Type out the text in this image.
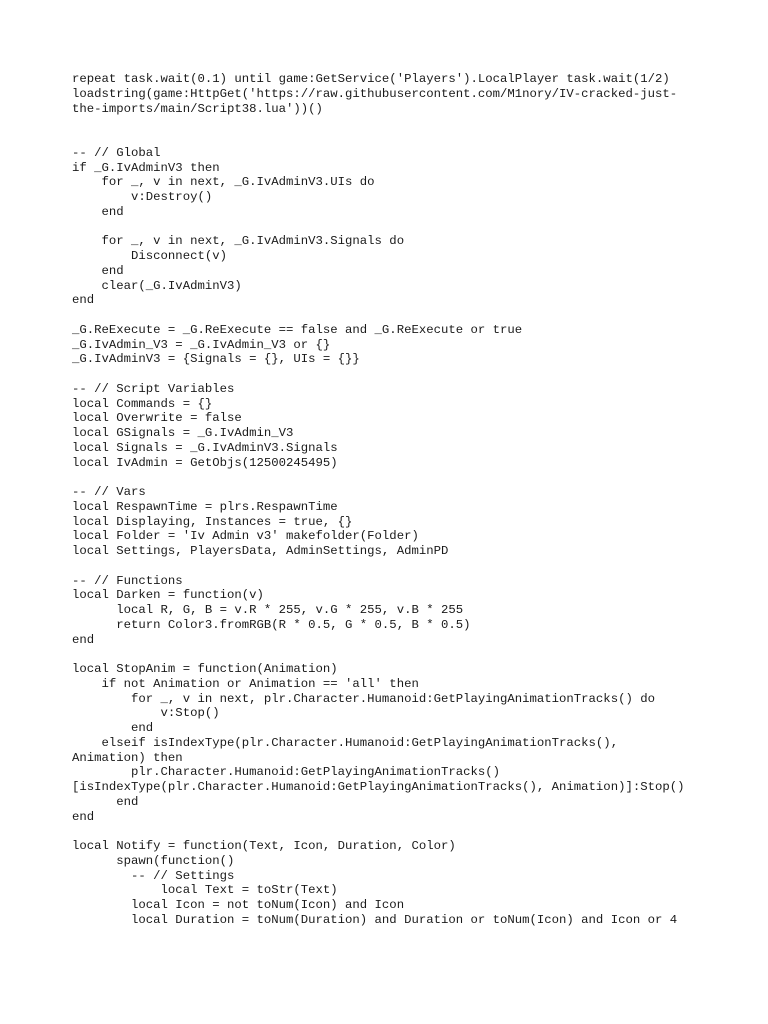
repeat task.wait(0.1) until game:GetService('Players').LocalPlayer task.wait(1/2)
loadstring(game:HttpGet('https://raw.githubusercontent.com/M1nory/IV-cracked-just-
the-imports/main/Script38.lua'))()
-- // Global
if _G.IvAdminV3 then
for _, v in next, _G.IvAdminV3.UIs do
v:Destroy()
end
for _, v in next, _G.IvAdminV3.Signals do
Disconnect(v)
end
clear(_G.IvAdminV3)
end
_G.ReExecute = _G.ReExecute == false and _G.ReExecute or true
_G.IvAdmin_V3 = _G.IvAdmin_V3 or {}
_G.IvAdminV3 = {Signals = {}, UIs = {}}
-- // Script Variables
local Commands = {}
local Overwrite = false
local GSignals = _G.IvAdmin_V3
local Signals = _G.IvAdminV3.Signals
local IvAdmin = GetObjs(12500245495)
-- // Vars
local RespawnTime = plrs.RespawnTime
local Displaying, Instances = true, {}
local Folder = 'Iv Admin v3' makefolder(Folder)
local Settings, PlayersData, AdminSettings, AdminPD
-- // Functions
local Darken = function(v)
local R, G, B = v.R * 255, v.G * 255, v.B * 255
return Color3.fromRGB(R * 0.5, G * 0.5, B * 0.5)
end
local StopAnim = function(Animation)
if not Animation or Animation == 'all' then
for _, v in next, plr.Character.Humanoid:GetPlayingAnimationTracks() do
v:Stop()
end
elseif isIndexType(plr.Character.Humanoid:GetPlayingAnimationTracks(),
Animation) then
plr.Character.Humanoid:GetPlayingAnimationTracks()
[isIndexType(plr.Character.Humanoid:GetPlayingAnimationTracks(), Animation)]:Stop()
end
end
local Notify = function(Text, Icon, Duration, Color)
spawn(function()
-- // Settings
local Text = toStr(Text)
local Icon = not toNum(Icon) and Icon
local Duration = toNum(Duration) and Duration or toNum(Icon) and Icon or 4
